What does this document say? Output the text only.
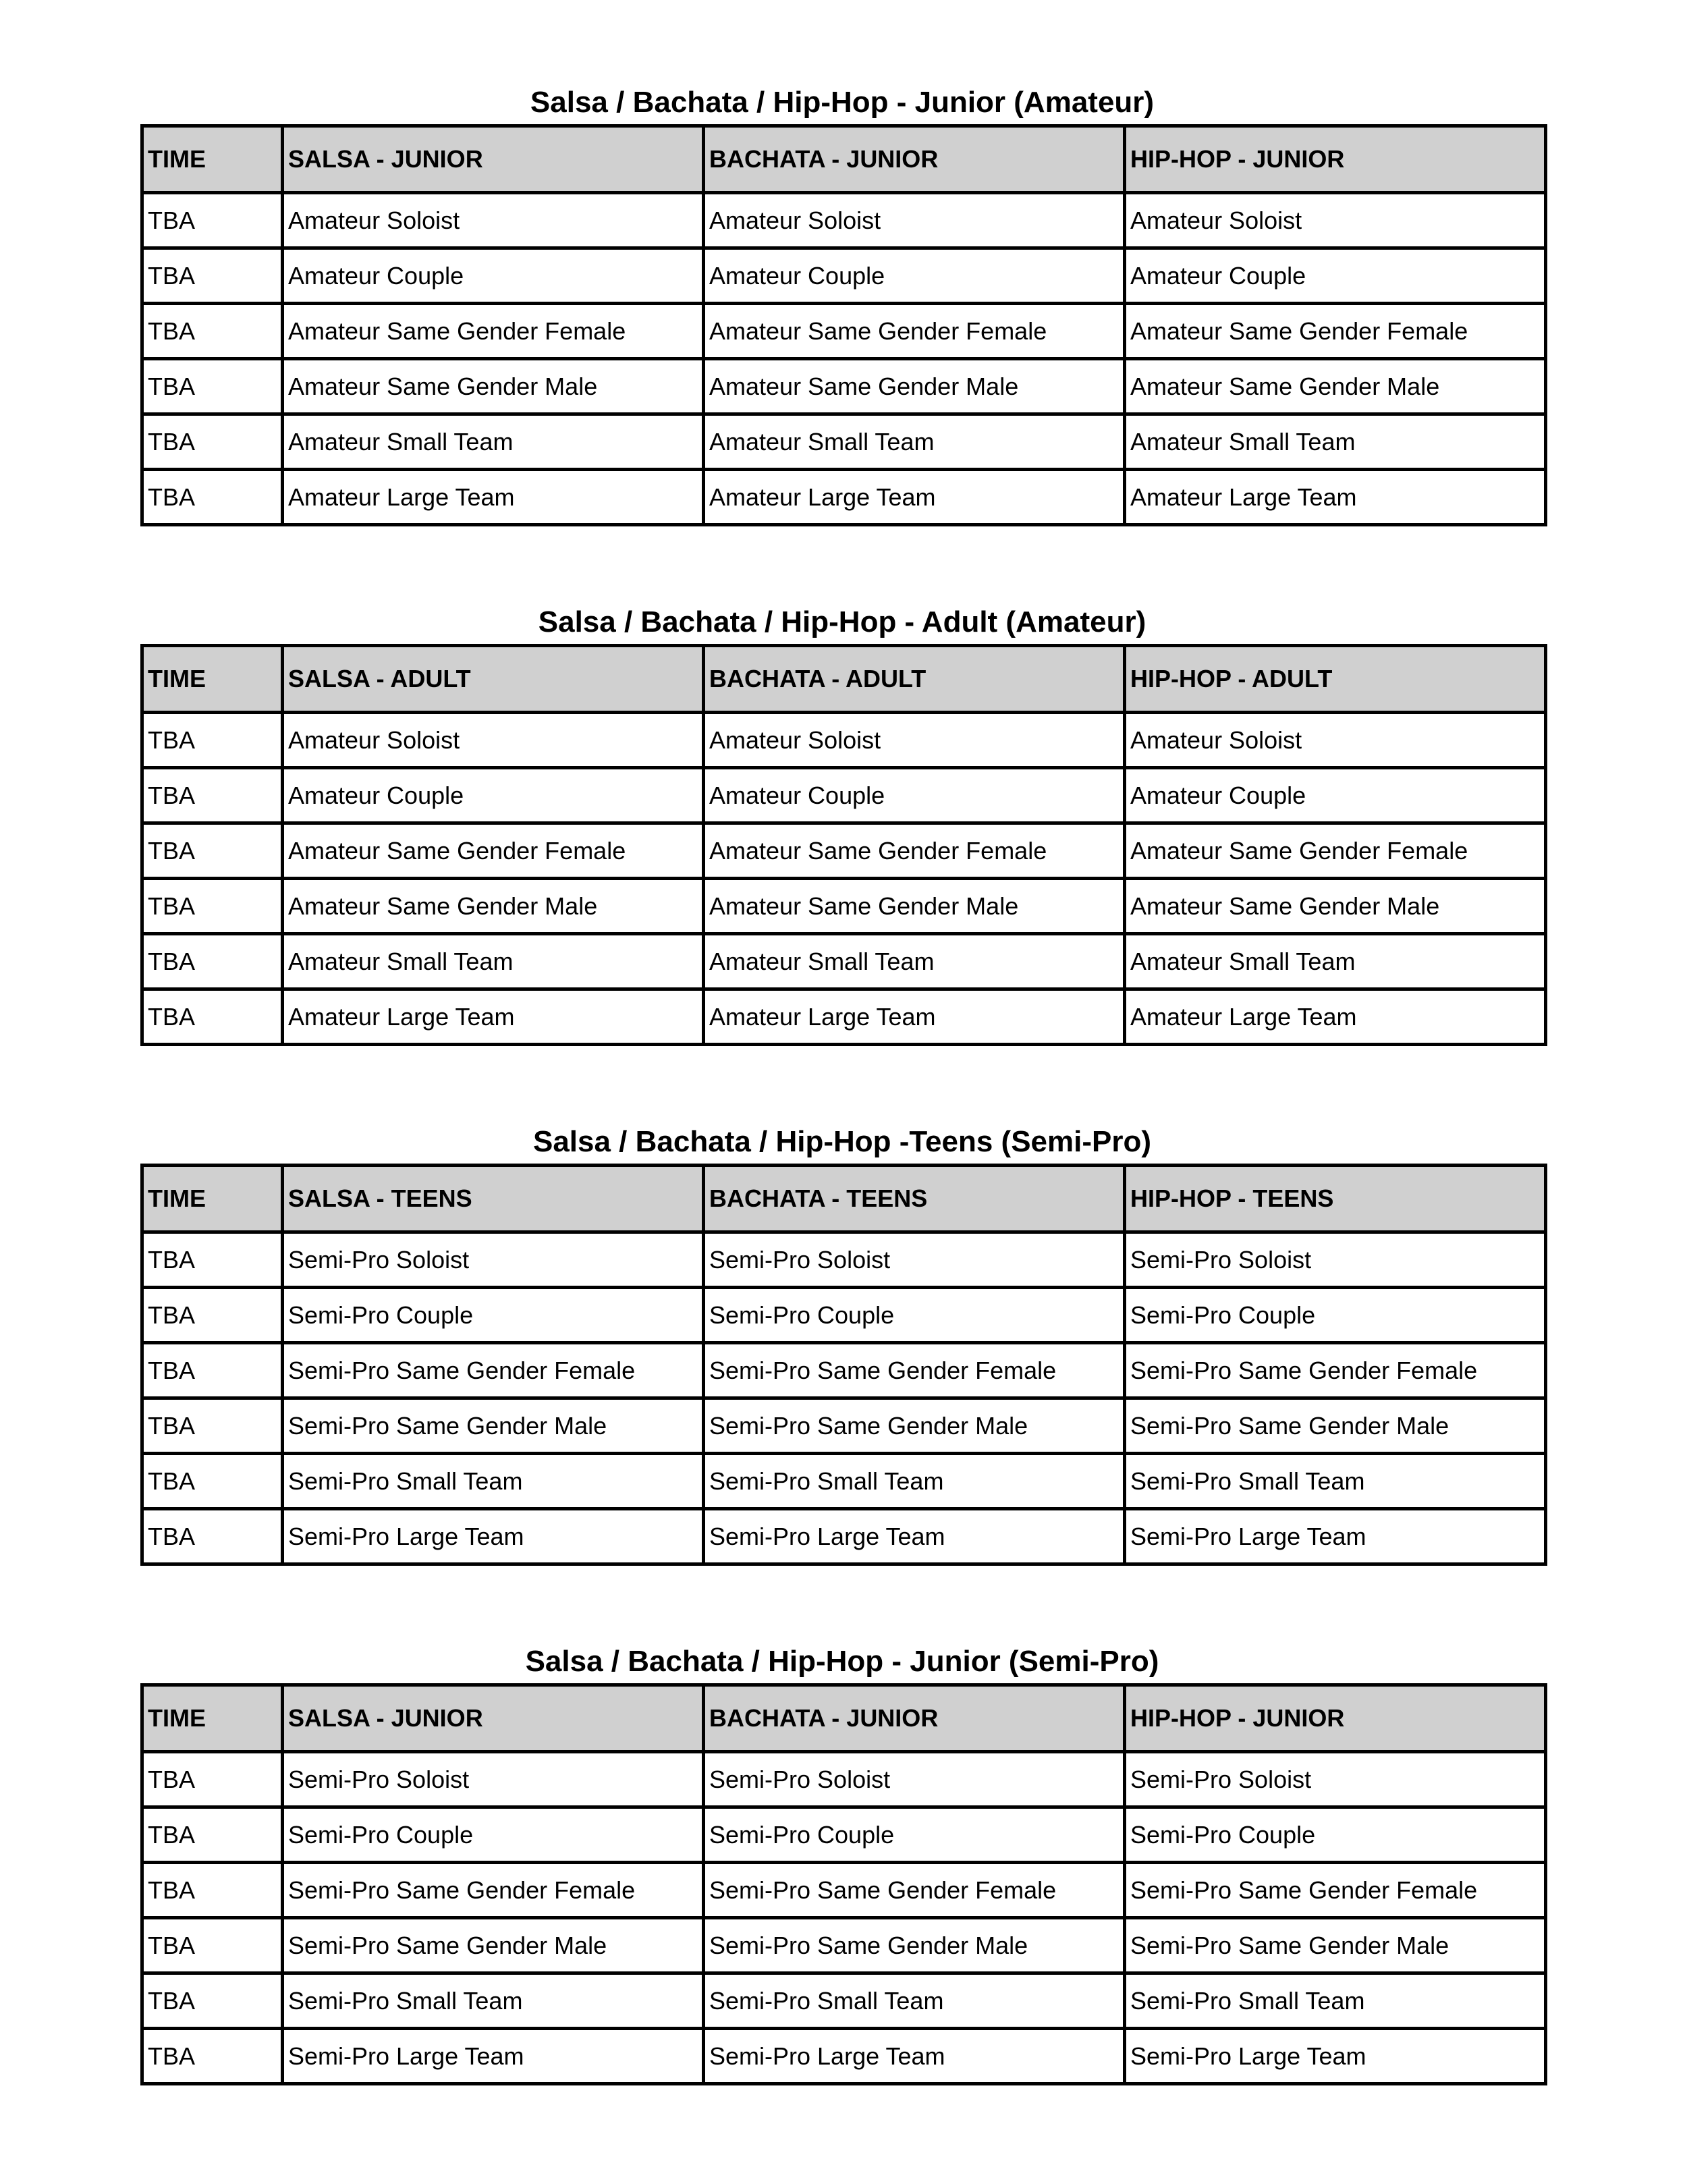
Salsa / Bachata / Hip-Hop - Junior (Amateur)
TIME	SALSA - JUNIOR	BACHATA - JUNIOR	HIP-HOP - JUNIOR
TBA	Amateur Soloist	Amateur Soloist	Amateur Soloist
TBA	Amateur Couple	Amateur Couple	Amateur Couple
TBA	Amateur Same Gender Female	Amateur Same Gender Female	Amateur Same Gender Female
TBA	Amateur Same Gender Male	Amateur Same Gender Male	Amateur Same Gender Male
TBA	Amateur Small Team	Amateur Small Team	Amateur Small Team
TBA	Amateur Large Team	Amateur Large Team	Amateur Large Team
Salsa / Bachata / Hip-Hop - Adult (Amateur)
TIME	SALSA - ADULT	BACHATA - ADULT	HIP-HOP - ADULT
TBA	Amateur Soloist	Amateur Soloist	Amateur Soloist
TBA	Amateur Couple	Amateur Couple	Amateur Couple
TBA	Amateur Same Gender Female	Amateur Same Gender Female	Amateur Same Gender Female
TBA	Amateur Same Gender Male	Amateur Same Gender Male	Amateur Same Gender Male
TBA	Amateur Small Team	Amateur Small Team	Amateur Small Team
TBA	Amateur Large Team	Amateur Large Team	Amateur Large Team
Salsa / Bachata / Hip-Hop -Teens (Semi-Pro)
TIME	SALSA - TEENS	BACHATA - TEENS	HIP-HOP - TEENS
TBA	Semi-Pro Soloist	Semi-Pro Soloist	Semi-Pro Soloist
TBA	Semi-Pro Couple	Semi-Pro Couple	Semi-Pro Couple
TBA	Semi-Pro Same Gender Female	Semi-Pro Same Gender Female	Semi-Pro Same Gender Female
TBA	Semi-Pro Same Gender Male	Semi-Pro Same Gender Male	Semi-Pro Same Gender Male
TBA	Semi-Pro Small Team	Semi-Pro Small Team	Semi-Pro Small Team
TBA	Semi-Pro Large Team	Semi-Pro Large Team	Semi-Pro Large Team
Salsa / Bachata / Hip-Hop - Junior (Semi-Pro)
TIME	SALSA - JUNIOR	BACHATA - JUNIOR	HIP-HOP - JUNIOR
TBA	Semi-Pro Soloist	Semi-Pro Soloist	Semi-Pro Soloist
TBA	Semi-Pro Couple	Semi-Pro Couple	Semi-Pro Couple
TBA	Semi-Pro Same Gender Female	Semi-Pro Same Gender Female	Semi-Pro Same Gender Female
TBA	Semi-Pro Same Gender Male	Semi-Pro Same Gender Male	Semi-Pro Same Gender Male
TBA	Semi-Pro Small Team	Semi-Pro Small Team	Semi-Pro Small Team
TBA	Semi-Pro Large Team	Semi-Pro Large Team	Semi-Pro Large Team
